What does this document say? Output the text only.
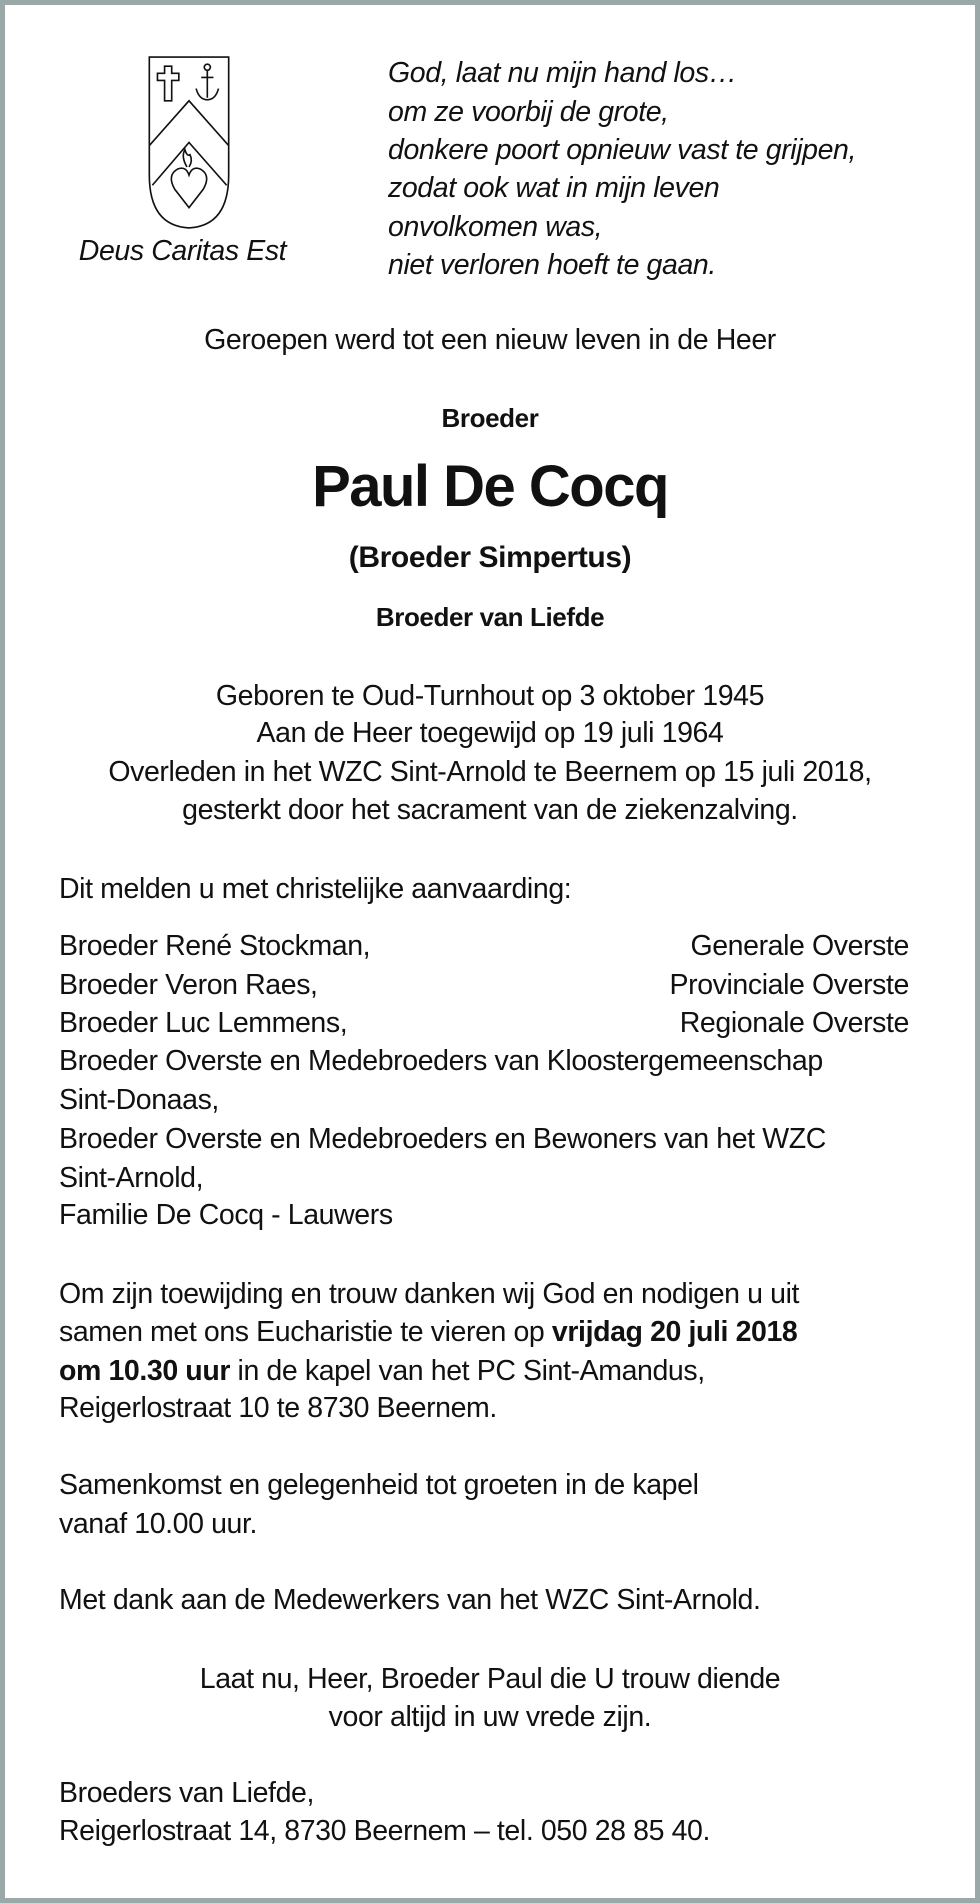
Deus Caritas Est
God, laat nu mijn hand los…
om ze voorbij de grote,
donkere poort opnieuw vast te grijpen,
zodat ook wat in mijn leven
onvolkomen was,
niet verloren hoeft te gaan.
Geroepen werd tot een nieuw leven in de Heer
Broeder
Paul De Cocq
(Broeder Simpertus)
Broeder van Liefde
Geboren te Oud-Turnhout op 3 oktober 1945
Aan de Heer toegewijd op 19 juli 1964
Overleden in het WZC Sint-Arnold te Beernem op 15 juli 2018,
gesterkt door het sacrament van de ziekenzalving.
Dit melden u met christelijke aanvaarding:
Broeder René Stockman,	Generale Overste
Broeder Veron Raes,	Provinciale Overste
Broeder Luc Lemmens,	Regionale Overste
Broeder Overste en Medebroeders van Kloostergemeenschap
Sint-Donaas,
Broeder Overste en Medebroeders en Bewoners van het WZC
Sint-Arnold,
Familie De Cocq - Lauwers
Om zijn toewijding en trouw danken wij God en nodigen u uit
samen met ons Eucharistie te vieren op vrijdag 20 juli 2018
om 10.30 uur in de kapel van het PC Sint-Amandus,
Reigerlostraat 10 te 8730 Beernem.
Samenkomst en gelegenheid tot groeten in de kapel
vanaf 10.00 uur.
Met dank aan de Medewerkers van het WZC Sint-Arnold.
Laat nu, Heer, Broeder Paul die U trouw diende
voor altijd in uw vrede zijn.
Broeders van Liefde,
Reigerlostraat 14, 8730 Beernem – tel. 050 28 85 40.
